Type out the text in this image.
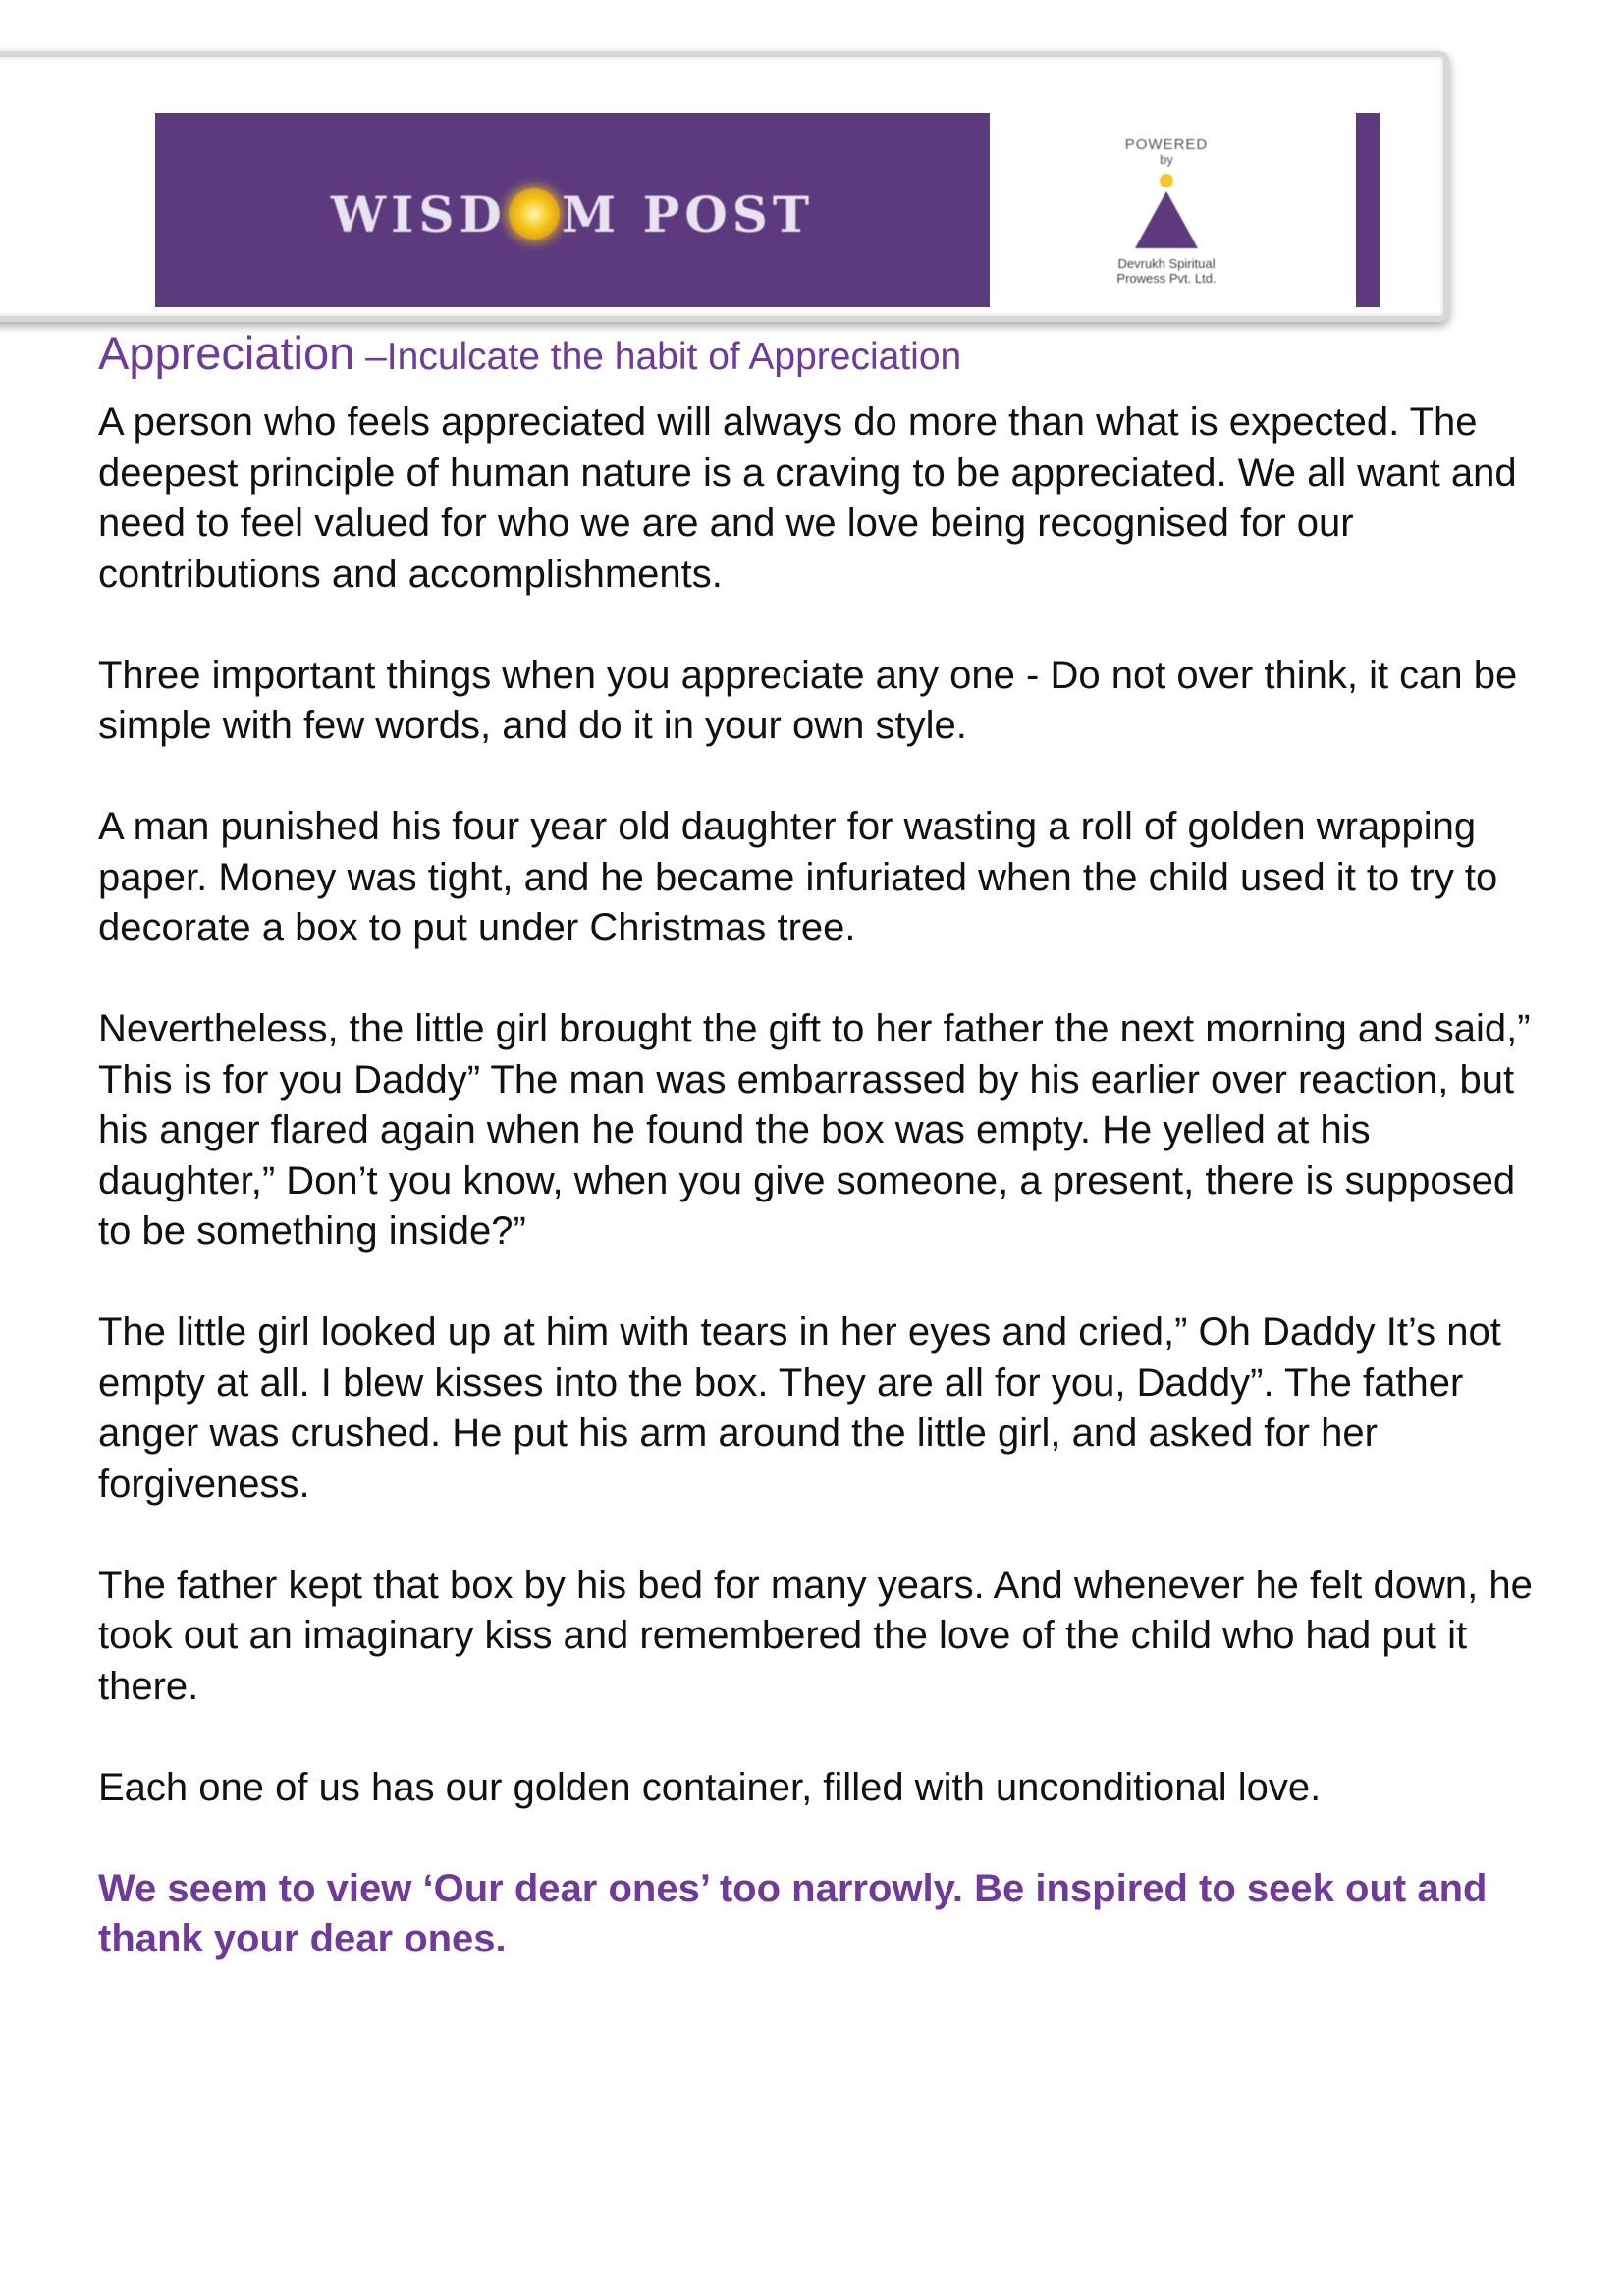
WISD M POST
POWERED
by
Devrukh Spiritual
Prowess Pvt. Ltd.
Appreciation –Inculcate the habit of Appreciation

A person who feels appreciated will always do more than what is expected. The deepest principle of human nature is a craving to be appreciated. We all want and need to feel valued for who we are and we love being recognised for our contributions and accomplishments.

Three important things when you appreciate any one - Do not over think, it can be simple with few words, and do it in your own style.

A man punished his four year old daughter for wasting a roll of golden wrapping paper. Money was tight, and he became infuriated when the child used it to try to decorate a box to put under Christmas tree.

Nevertheless, the little girl brought the gift to her father the next morning and said,” This is for you Daddy” The man was embarrassed by his earlier over reaction, but his anger flared again when he found the box was empty. He yelled at his daughter,” Don’t you know, when you give someone, a present, there is supposed to be something inside?”

The little girl looked up at him with tears in her eyes and cried,” Oh Daddy It’s not empty at all. I blew kisses into the box. They are all for you, Daddy”. The father anger was crushed. He put his arm around the little girl, and asked for her forgiveness.

The father kept that box by his bed for many years. And whenever he felt down, he took out an imaginary kiss and remembered the love of the child who had put it there.

Each one of us has our golden container, filled with unconditional love.

We seem to view ‘Our dear ones’ too narrowly. Be inspired to seek out and thank your dear ones.
